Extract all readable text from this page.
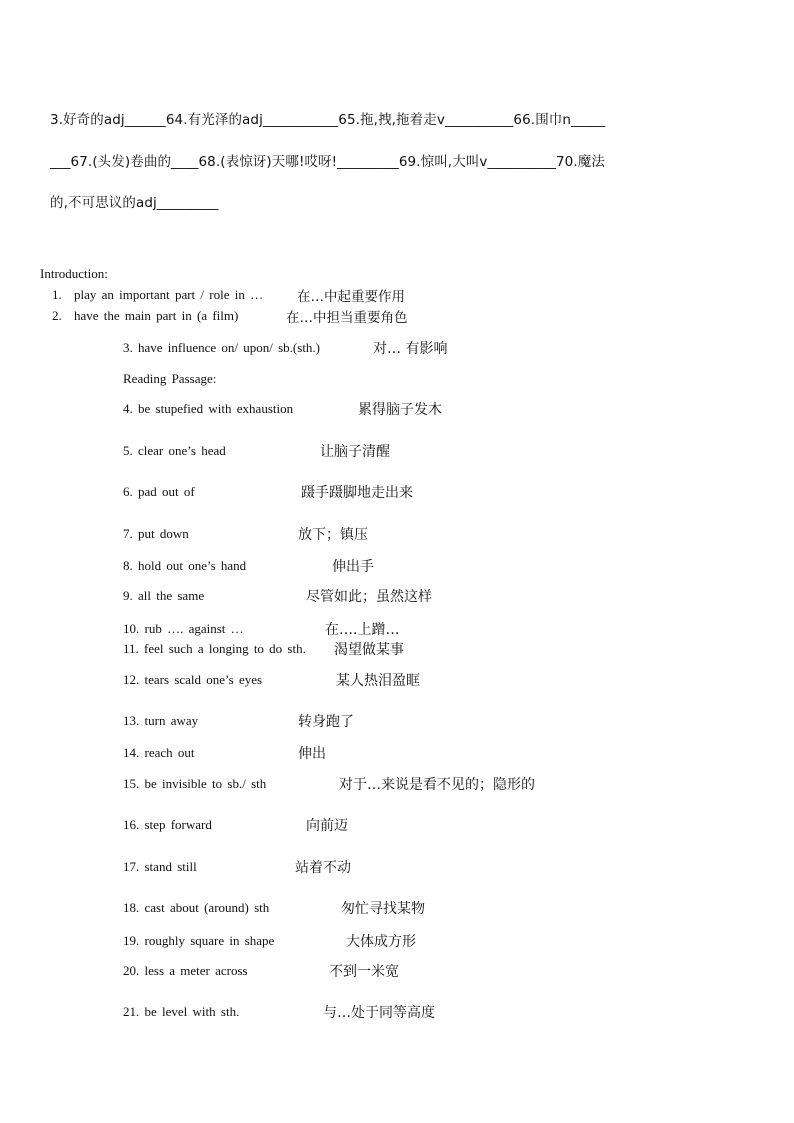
3.好奇的adj______64.有光泽的adj___________65.拖,拽,拖着走v__________66.围巾n_____
___67.(头发)卷曲的____68.(表惊讶)天哪!哎呀!_________69.惊叫,大叫v__________70.魔法
的,不可思议的adj_________
Introduction:
1. play an important part / role in …	在…中起重要作用
2. have the main part in (a film)	在…中担当重要角色
3. have influence on/ upon/ sb.(sth.)	对… 有影响
Reading Passage:
4. be stupefied with exhaustion	累得脑子发木
5. clear one’s head	让脑子清醒
6. pad out of	蹑手蹑脚地走出来
7. put down	放下；镇压
8. hold out one’s hand	伸出手
9. all the same	尽管如此；虽然这样
10. rub …. against …	在….上蹭…
11. feel such a longing to do sth. 渴望做某事
12. tears scald one’s eyes	某人热泪盈眶
13. turn away	转身跑了
14. reach out	伸出
15. be invisible to sb./ sth	对于…来说是看不见的；隐形的
16. step forward	向前迈
17. stand still	站着不动
18. cast about (around) sth	匆忙寻找某物
19. roughly square in shape	大体成方形
20. less a meter across	不到一米宽
21. be level with sth.	与…处于同等高度
